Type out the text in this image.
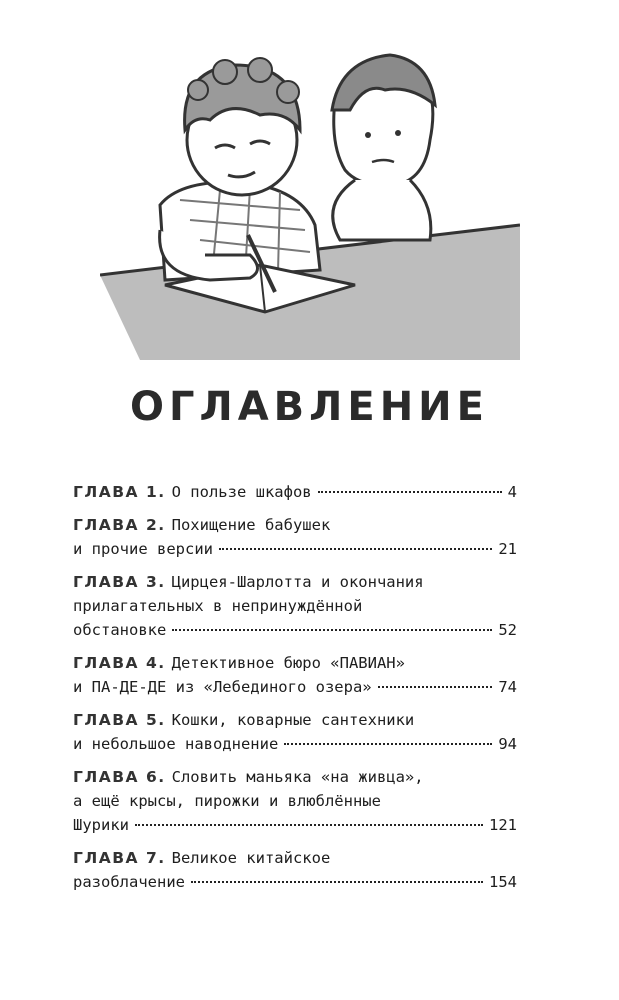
ОГЛАВЛЕНИЕ
ГЛАВА 1. О пользе шкафов	4
ГЛАВА 2. Похищение бабушек
и прочие версии	21
ГЛАВА 3. Цирцея-Шарлотта и окончания
прилагательных в непринуждённой
обстановке	52
ГЛАВА 4. Детективное бюро «ПАВИАН»
и ПА-ДЕ-ДЕ из «Лебединого озера»	74
ГЛАВА 5. Кошки, коварные сантехники
и небольшое наводнение	94
ГЛАВА 6. Словить маньяка «на живца»,
а ещё крысы, пирожки и влюблённые
Шурики	121
ГЛАВА 7. Великое китайское
разоблачение	154
